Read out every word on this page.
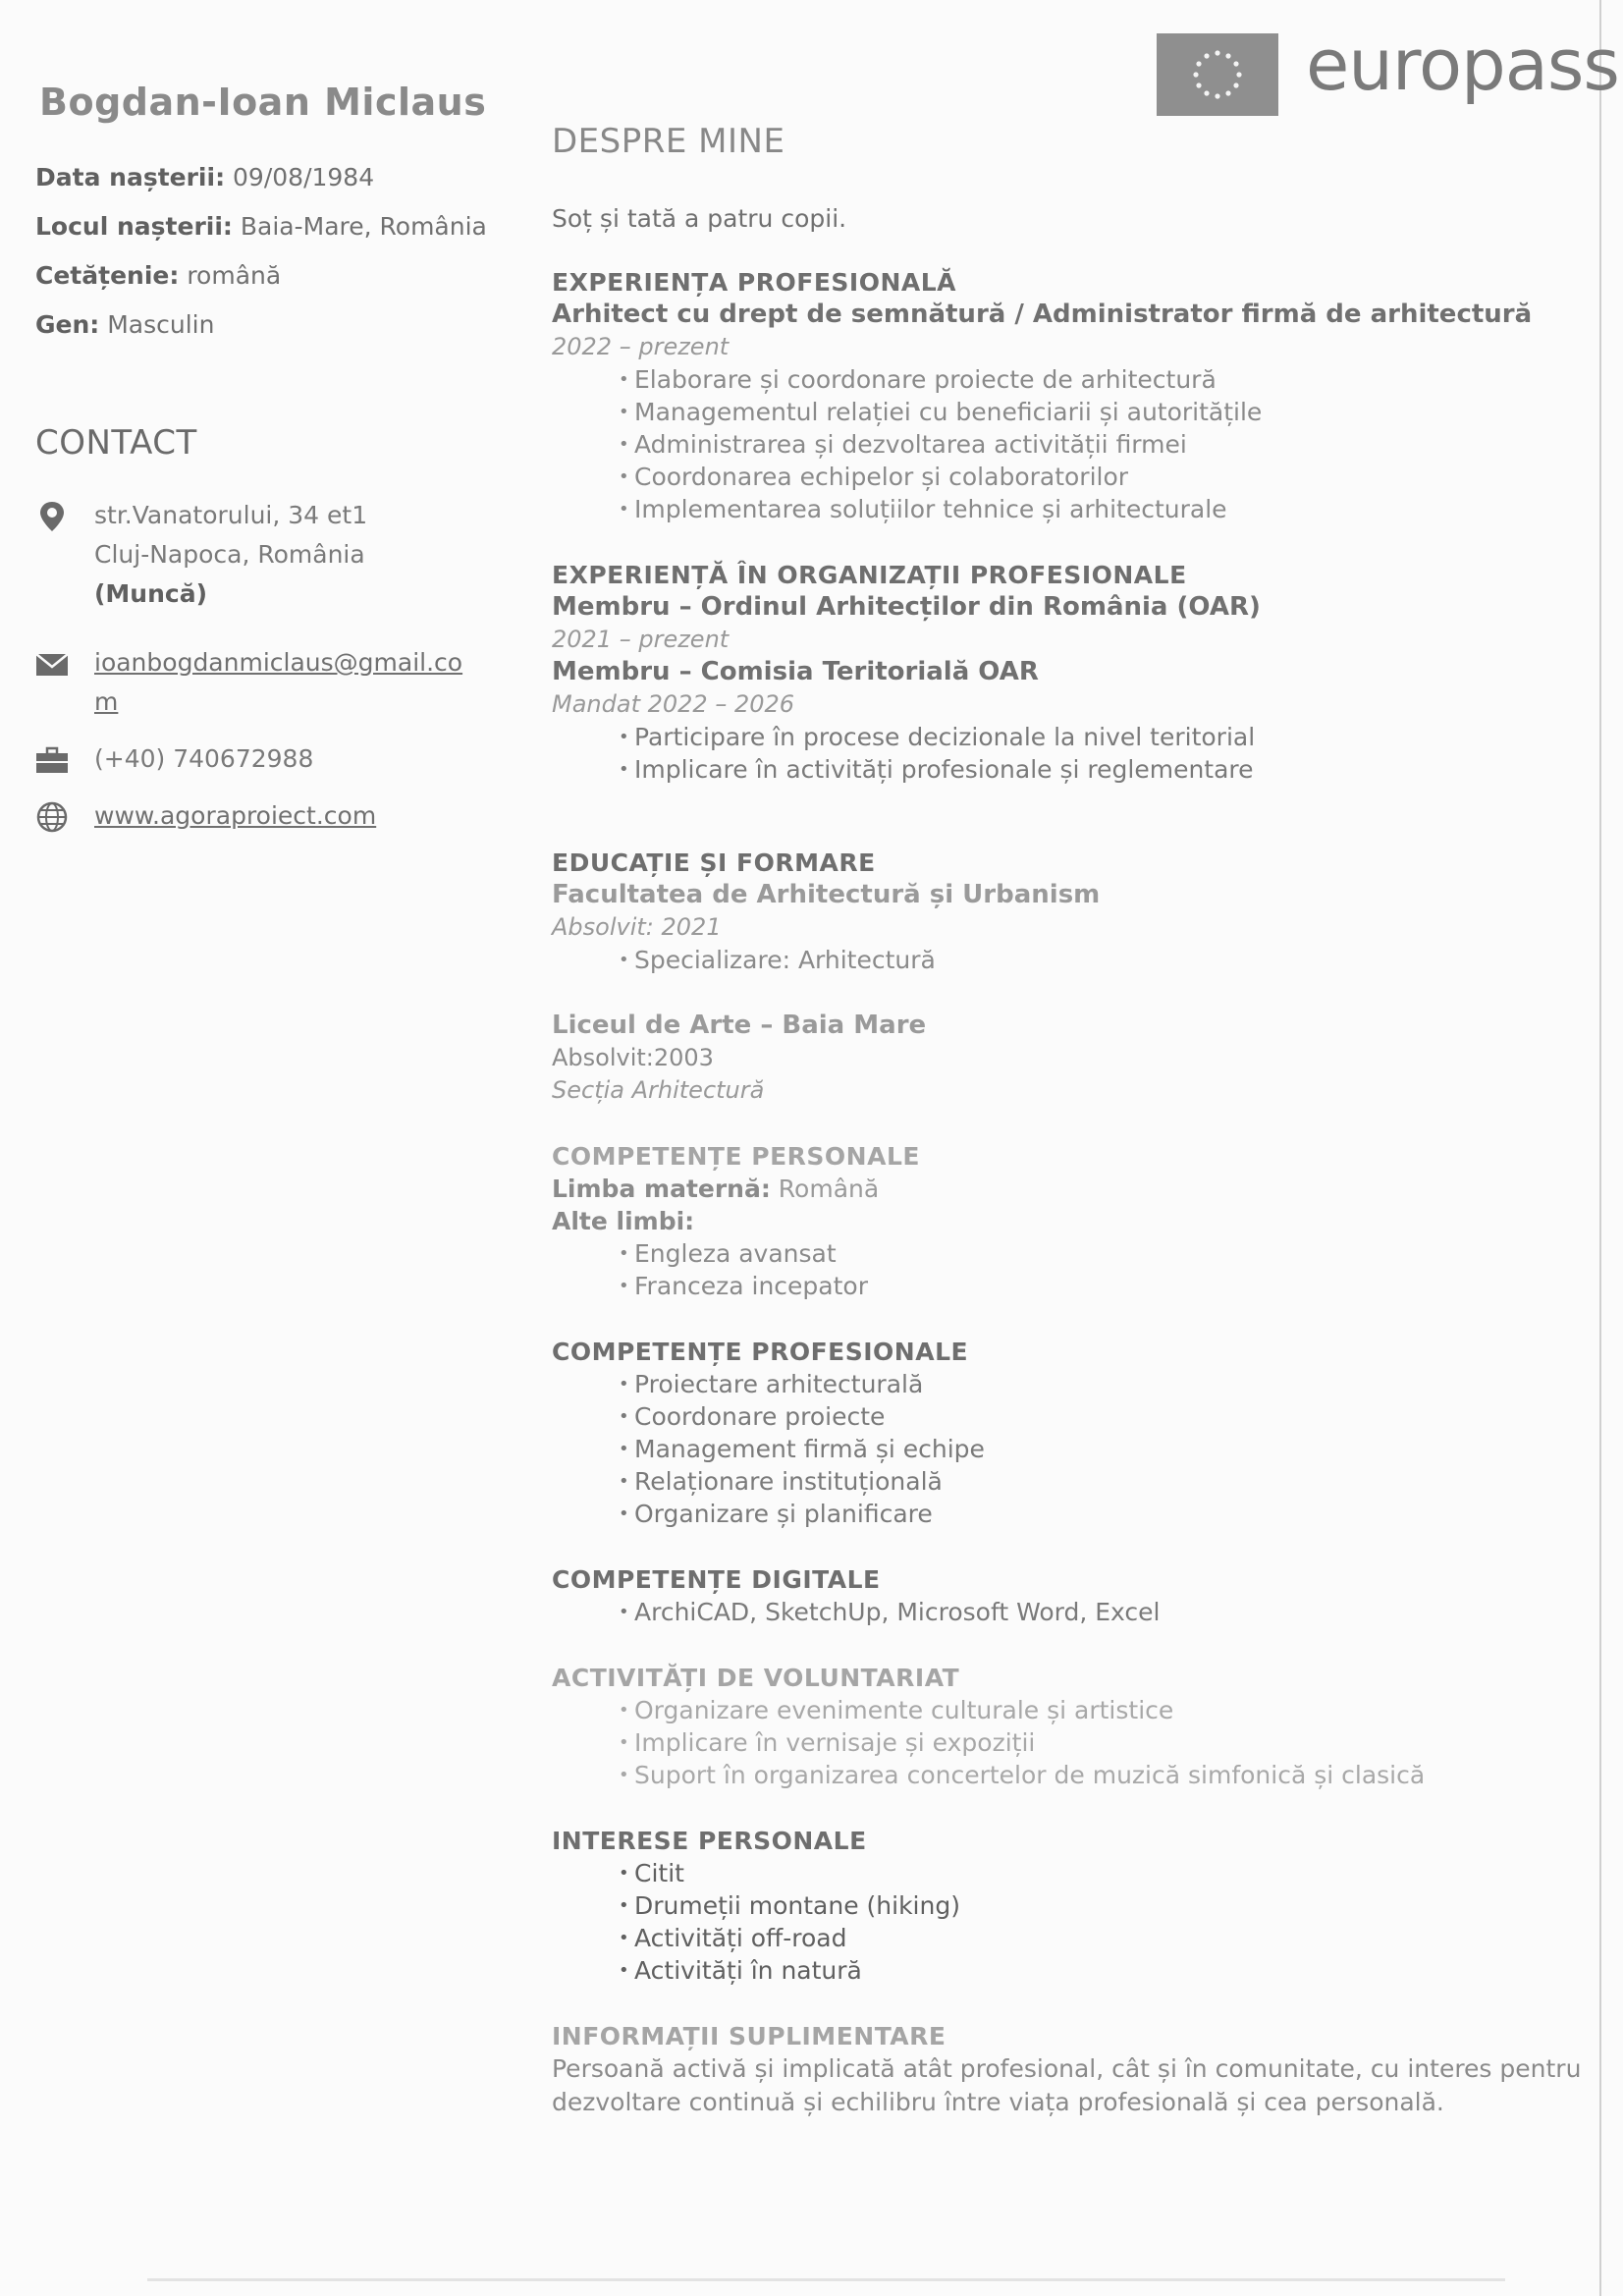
europass
Bogdan-Ioan Miclaus
Data nașterii: 09/08/1984
Locul nașterii: Baia-Mare, România
Cetățenie: română
Gen: Masculin
CONTACT
str.Vanatorului, 34 et1
Cluj-Napoca, România
(Muncă)
ioanbogdanmiclaus@gmail.co
m
(+40) 740672988
www.agoraproiect.com
DESPRE MINE
Soț și tată a patru copii.
EXPERIENȚA PROFESIONALĂ
Arhitect cu drept de semnătură / Administrator firmă de arhitectură
2022 – prezent
• Elaborare și coordonare proiecte de arhitectură
• Managementul relației cu beneficiarii și autoritățile
• Administrarea și dezvoltarea activității firmei
• Coordonarea echipelor și colaboratorilor
• Implementarea soluțiilor tehnice și arhitecturale
EXPERIENȚĂ ÎN ORGANIZAȚII PROFESIONALE
Membru – Ordinul Arhitecților din România (OAR)
2021 – prezent
Membru – Comisia Teritorială OAR
Mandat 2022 – 2026
• Participare în procese decizionale la nivel teritorial
• Implicare în activități profesionale și reglementare
EDUCAȚIE ȘI FORMARE
Facultatea de Arhitectură și Urbanism
Absolvit: 2021
• Specializare: Arhitectură
Liceul de Arte – Baia Mare
Absolvit:2003
Secția Arhitectură
COMPETENȚE PERSONALE
Limba maternă: Română
Alte limbi:
• Engleza avansat
• Franceza incepator
COMPETENȚE PROFESIONALE
• Proiectare arhitecturală
• Coordonare proiecte
• Management firmă și echipe
• Relaționare instituțională
• Organizare și planificare
COMPETENȚE DIGITALE
• ArchiCAD, SketchUp, Microsoft Word, Excel
ACTIVITĂȚI DE VOLUNTARIAT
• Organizare evenimente culturale și artistice
• Implicare în vernisaje și expoziții
• Suport în organizarea concertelor de muzică simfonică și clasică
INTERESE PERSONALE
• Citit
• Drumeții montane (hiking)
• Activități off-road
• Activități în natură
INFORMAȚII SUPLIMENTARE
Persoană activă și implicată atât profesional, cât și în comunitate, cu interes pentru
dezvoltare continuă și echilibru între viața profesională și cea personală.
